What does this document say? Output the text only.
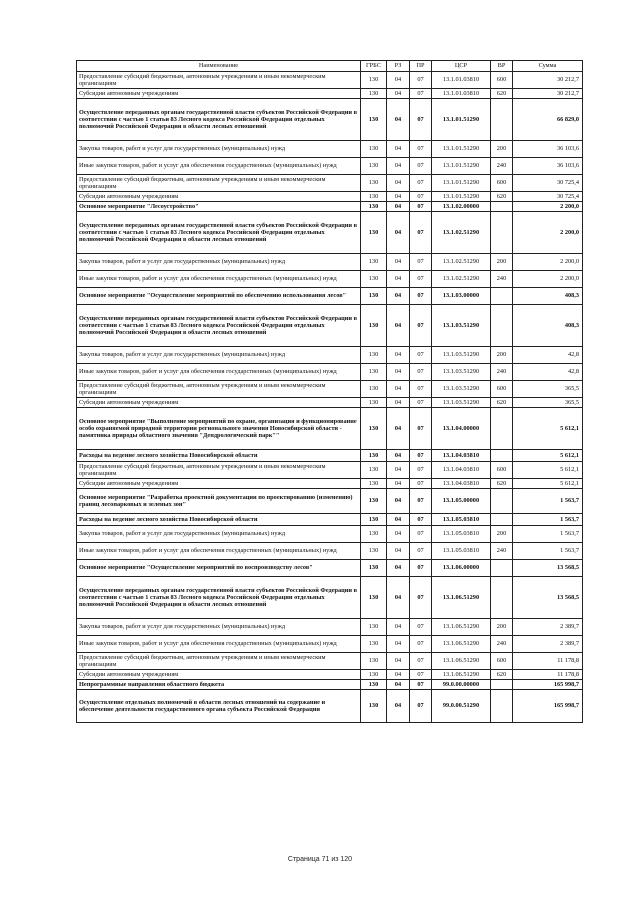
Наименование	ГРБС	РЗ	ПР	ЦСР	ВР	Сумма
Предоставление субсидий бюджетным, автономным учреждениям и иным некоммерческим организациям	130	04	07	13.1.01.03810	600	30 212,7
Субсидии автономным учреждениям	130	04	07	13.1.01.03810	620	30 212,7
Осуществление переданных органам государственной власти субъектов Российской Федерации в соответствии с частью 1 статьи 83 Лесного кодекса Российской Федерации отдельных полномочий Российской Федерации в области лесных отношений	130	04	07	13.1.01.51290		66 829,0
Закупка товаров, работ и услуг для государственных (муниципальных) нужд	130	04	07	13.1.01.51290	200	36 103,6
Иные закупки товаров, работ и услуг для обеспечения государственных (муниципальных) нужд	130	04	07	13.1.01.51290	240	36 103,6
Предоставление субсидий бюджетным, автономным учреждениям и иным некоммерческим организациям	130	04	07	13.1.01.51290	600	30 725,4
Субсидии автономным учреждениям	130	04	07	13.1.01.51290	620	30 725,4
Основное мероприятие "Лесоустройство"	130	04	07	13.1.02.00000		2 200,0
Осуществление переданных органам государственной власти субъектов Российской Федерации в соответствии с частью 1 статьи 83 Лесного кодекса Российской Федерации отдельных полномочий Российской Федерации в области лесных отношений	130	04	07	13.1.02.51290		2 200,0
Закупка товаров, работ и услуг для государственных (муниципальных) нужд	130	04	07	13.1.02.51290	200	2 200,0
Иные закупки товаров, работ и услуг для обеспечения государственных (муниципальных) нужд	130	04	07	13.1.02.51290	240	2 200,0
Основное мероприятие "Осуществление мероприятий по обеспечению использования лесов"	130	04	07	13.1.03.00000		408,3
Осуществление переданных органам государственной власти субъектов Российской Федерации в соответствии с частью 1 статьи 83 Лесного кодекса Российской Федерации отдельных полномочий Российской Федерации в области лесных отношений	130	04	07	13.1.03.51290		408,3
Закупка товаров, работ и услуг для государственных (муниципальных) нужд	130	04	07	13.1.03.51290	200	42,8
Иные закупки товаров, работ и услуг для обеспечения государственных (муниципальных) нужд	130	04	07	13.1.03.51290	240	42,8
Предоставление субсидий бюджетным, автономным учреждениям и иным некоммерческим организациям	130	04	07	13.1.03.51290	600	365,5
Субсидии автономным учреждениям	130	04	07	13.1.03.51290	620	365,5
Основное мероприятие "Выполнение мероприятий по охране, организация и функционирование особо охраняемой природной территории регионального значения Новосибирской области - памятника природы областного значения "Дендрологический парк""	130	04	07	13.1.04.00000		5 612,1
Расходы на ведение лесного хозяйства Новосибирской области	130	04	07	13.1.04.03810		5 612,1
Предоставление субсидий бюджетным, автономным учреждениям и иным некоммерческим организациям	130	04	07	13.1.04.03810	600	5 612,1
Субсидии автономным учреждениям	130	04	07	13.1.04.03810	620	5 612,1
Основное мероприятие "Разработка проектной документации по проектированию (изменению) границ лесопарковых и зеленых зон"	130	04	07	13.1.05.00000		1 563,7
Расходы на ведение лесного хозяйства Новосибирской области	130	04	07	13.1.05.03810		1 563,7
Закупка товаров, работ и услуг для государственных (муниципальных) нужд	130	04	07	13.1.05.03810	200	1 563,7
Иные закупки товаров, работ и услуг для обеспечения государственных (муниципальных) нужд	130	04	07	13.1.05.03810	240	1 563,7
Основное мероприятие "Осуществление мероприятий по воспроизводству лесов"	130	04	07	13.1.06.00000		13 568,5
Осуществление переданных органам государственной власти субъектов Российской Федерации в соответствии с частью 1 статьи 83 Лесного кодекса Российской Федерации отдельных полномочий Российской Федерации в области лесных отношений	130	04	07	13.1.06.51290		13 568,5
Закупка товаров, работ и услуг для государственных (муниципальных) нужд	130	04	07	13.1.06.51290	200	2 389,7
Иные закупки товаров, работ и услуг для обеспечения государственных (муниципальных) нужд	130	04	07	13.1.06.51290	240	2 389,7
Предоставление субсидий бюджетным, автономным учреждениям и иным некоммерческим организациям	130	04	07	13.1.06.51290	600	11 178,8
Субсидии автономным учреждениям	130	04	07	13.1.06.51290	620	11 178,8
Непрограммные направления областного бюджета	130	04	07	99.0.00.00000		165 998,7
Осуществление отдельных полномочий в области лесных отношений на содержание и обеспечение деятельности государственного органа субъекта Российской Федерации	130	04	07	99.0.00.51290		165 998,7
Страница 71 из 120
